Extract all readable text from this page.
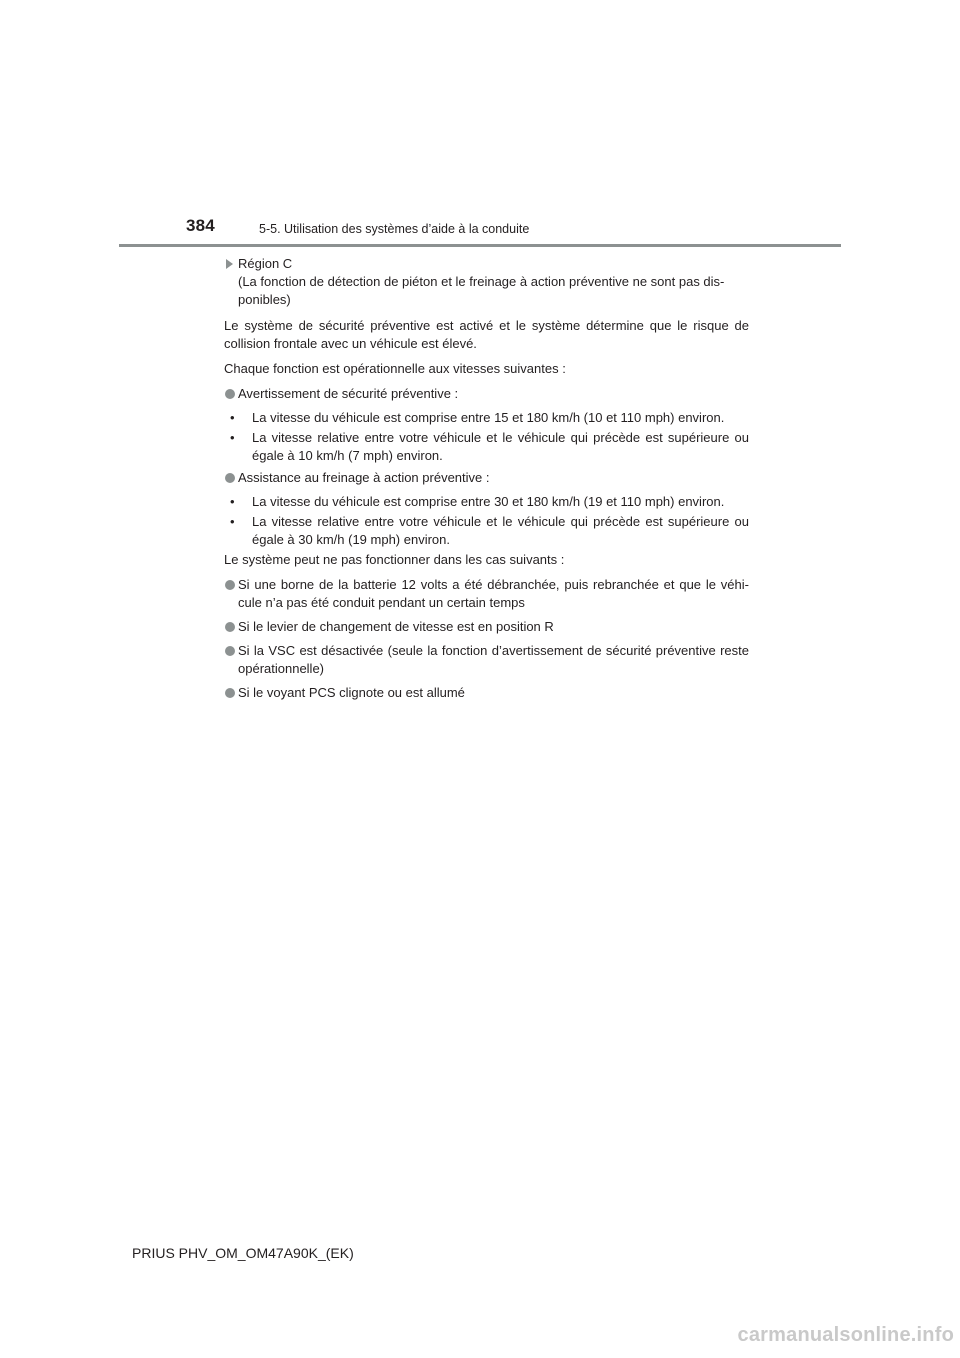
384	5-5. Utilisation des systèmes d’aide à la conduite
Région C
(La fonction de détection de piéton et le freinage à action préventive ne sont pas dis-
ponibles)

Le système de sécurité préventive est activé et le système détermine que le risque de collision frontale avec un véhicule est élevé.

Chaque fonction est opérationnelle aux vitesses suivantes :

Avertissement de sécurité préventive :
• La vitesse du véhicule est comprise entre 15 et 180 km/h (10 et 110 mph) environ.
• La vitesse relative entre votre véhicule et le véhicule qui précède est supérieure ou égale à 10 km/h (7 mph) environ.
Assistance au freinage à action préventive :
• La vitesse du véhicule est comprise entre 30 et 180 km/h (19 et 110 mph) environ.
• La vitesse relative entre votre véhicule et le véhicule qui précède est supérieure ou égale à 30 km/h (19 mph) environ.

Le système peut ne pas fonctionner dans les cas suivants :

Si une borne de la batterie 12 volts a été débranchée, puis rebranchée et que le véhi-cule n’a pas été conduit pendant un certain temps
Si le levier de changement de vitesse est en position R
Si la VSC est désactivée (seule la fonction d’avertissement de sécurité préventive reste opérationnelle)
Si le voyant PCS clignote ou est allumé
PRIUS PHV_OM_OM47A90K_(EK)
carmanualsonline.info
